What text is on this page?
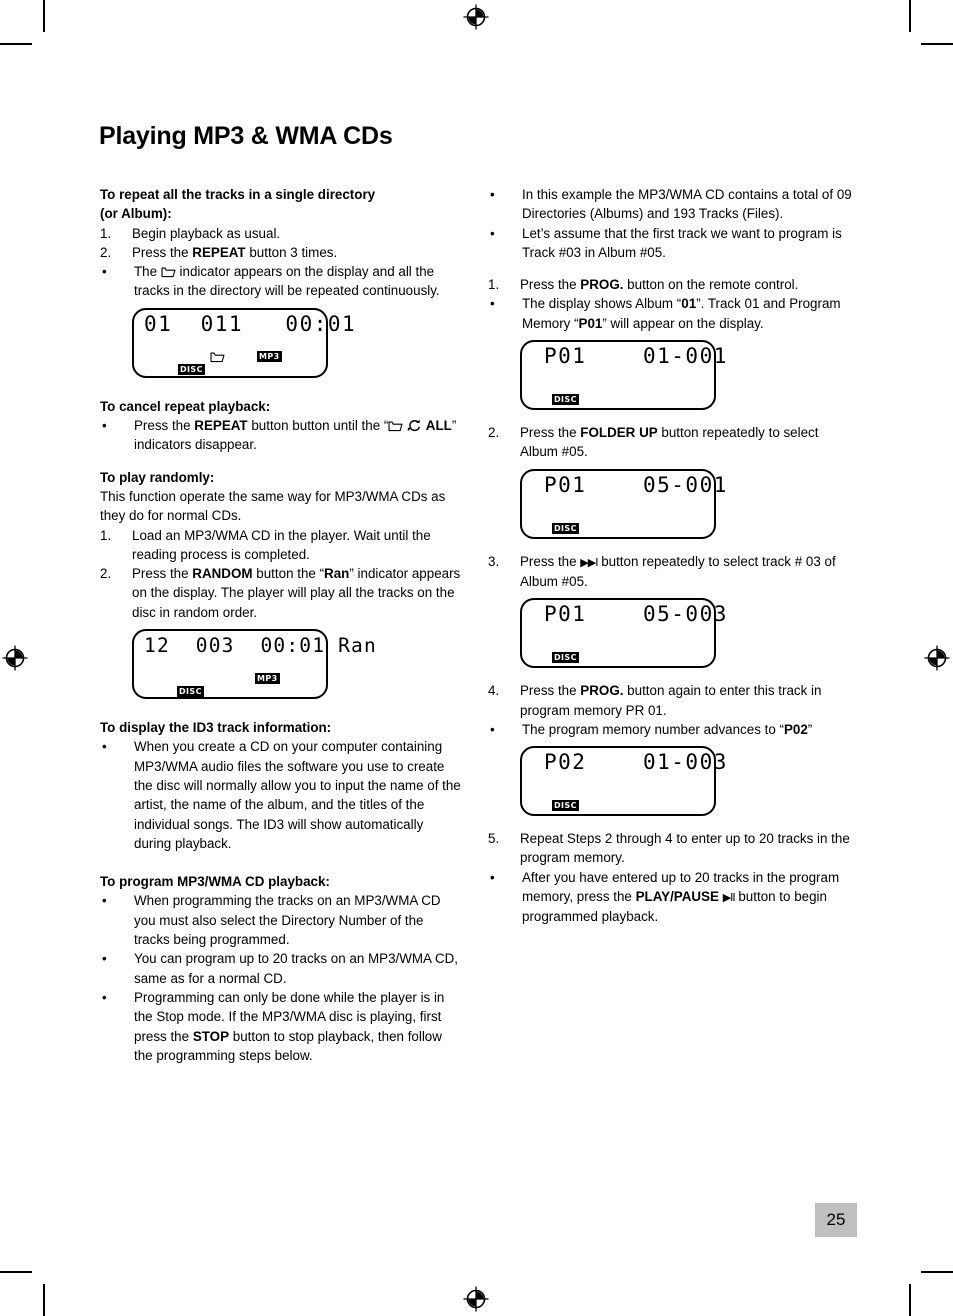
Playing MP3 & WMA CDs
To repeat all the tracks in a single directory
(or Album):
1.	Begin playback as usual.
2.	Press the REPEAT button 3 times.
•	The  indicator appears on the display and all the tracks in the directory will be repeated continuously.
01  011   00:01
MP3
DISC
To cancel repeat playback:
•	Press the REPEAT button button until the “	ALL” indicators disappear.
To play randomly:
This function operate the same way for MP3/WMA CDs as they do for normal CDs.
1.	Load an MP3/WMA CD in the player. Wait until the reading process is completed.
2.	Press the RANDOM button the “Ran” indicator appears on the display. The player will play all the tracks on the disc in random order.
12  003  00:01 Ran
MP3
DISC
To display the ID3 track information:
•	When you create a CD on your computer containing MP3/WMA audio files the software you use to create the disc will normally allow you to input the name of the artist, the name of the album, and the titles of the individual songs. The ID3 will show automatically during playback.
To program MP3/WMA CD playback:
•	When programming the tracks on an MP3/WMA CD you must also select the Directory Number of the tracks being programmed.
•	You can program up to 20 tracks on an MP3/WMA CD, same as for a normal CD.
•	Programming can only be done while the player is in the Stop mode. If the MP3/WMA disc is playing, first press the STOP button to stop playback, then follow the programming steps below.
•	In this example the MP3/WMA CD contains a total of 09 Directories (Albums) and 193 Tracks (Files).
•	Let’s assume that the first track we want to program is Track #03 in Album #05.
1.	Press the PROG. button on the remote control.
•	The display shows Album “01”. Track 01 and Program Memory “P01” will appear on the display.
P01    01-001
DISC
2.	Press the FOLDER UP button repeatedly to select Album #05.
P01    05-001
DISC
3.	Press the ▶▶I button repeatedly to select track # 03 of Album #05.
P01    05-003
DISC
4.	Press the PROG. button again to enter this track in program memory PR 01.
•	The program memory number advances to “P02”
P02    01-003
DISC
5.	Repeat Steps 2 through 4 to enter up to 20 tracks in the program memory.
•	After you have entered up to 20 tracks in the program memory, press the PLAY/PAUSE ▶II button to begin programmed playback.
25
